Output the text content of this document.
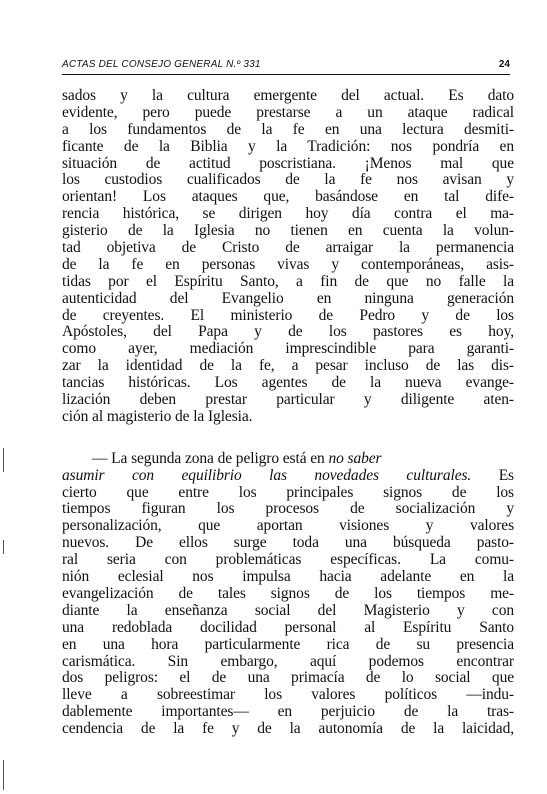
ACTAS DEL CONSEJO GENERAL N.º 331	24
sados y la cultura emergente del actual. Es dato
evidente, pero puede prestarse a un ataque radical
a los fundamentos de la fe en una lectura desmiti-
ficante de la Biblia y la Tradición: nos pondría en
situación de actitud poscristiana. ¡Menos mal que
los custodios cualificados de la fe nos avisan y
orientan! Los ataques que, basándose en tal dife-
rencia histórica, se dirigen hoy día contra el ma-
gisterio de la Iglesia no tienen en cuenta la volun-
tad objetiva de Cristo de arraigar la permanencia
de la fe en personas vivas y contemporáneas, asis-
tidas por el Espíritu Santo, a fin de que no falle la
autenticidad del Evangelio en ninguna generación
de creyentes. El ministerio de Pedro y de los
Apóstoles, del Papa y de los pastores es hoy,
como ayer, mediación imprescindible para garanti-
zar la identidad de la fe, a pesar incluso de las dis-
tancias históricas. Los agentes de la nueva evange-
lización deben prestar particular y diligente aten-
ción al magisterio de la Iglesia.
— La segunda zona de peligro está en no saber
asumir con equilibrio las novedades culturales. Es
cierto que entre los principales signos de los
tiempos figuran los procesos de socialización y
personalización, que aportan visiones y valores
nuevos. De ellos surge toda una búsqueda pasto-
ral seria con problemáticas específicas. La comu-
nión eclesial nos impulsa hacia adelante en la
evangelización de tales signos de los tiempos me-
diante la enseñanza social del Magisterio y con
una redoblada docilidad personal al Espíritu Santo
en una hora particularmente rica de su presencia
carismática. Sin embargo, aquí podemos encontrar
dos peligros: el de una primacía de lo social que
lleve a sobreestimar los valores políticos —indu-
dablemente importantes— en perjuicio de la tras-
cendencia de la fe y de la autonomía de la laicidad,
